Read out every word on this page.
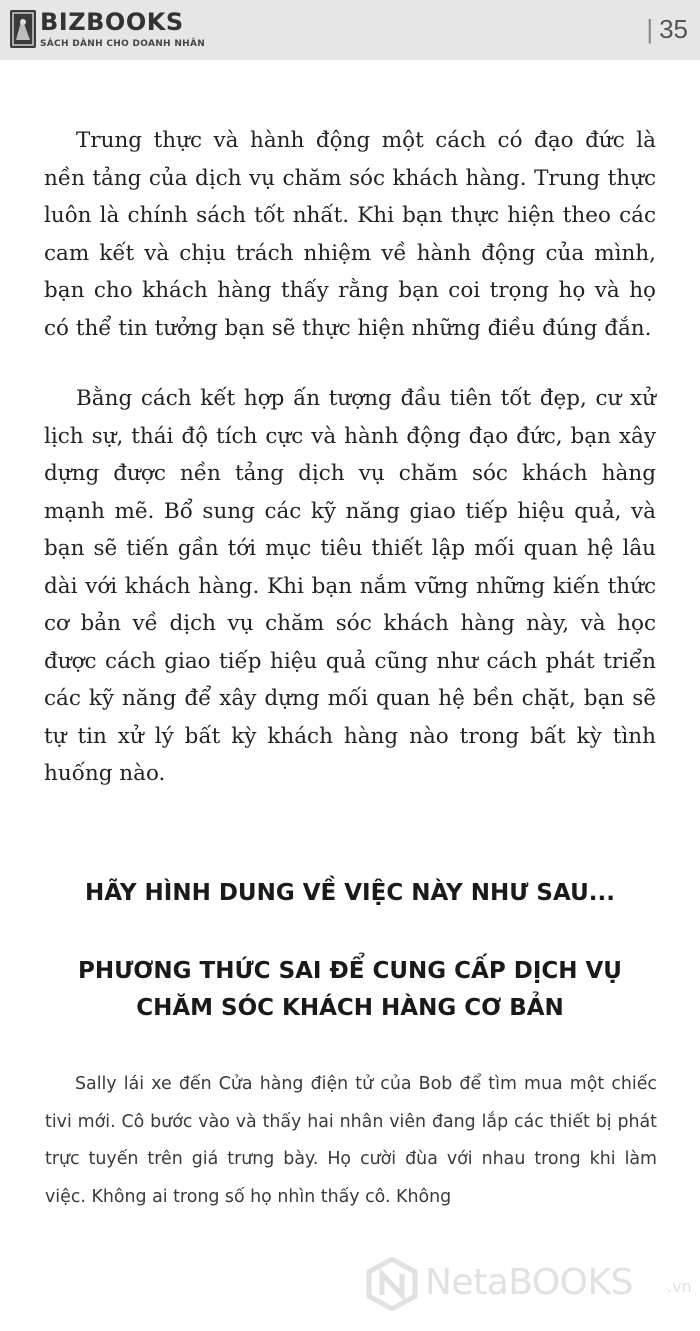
BIZBOOKS
SÁCH DÀNH CHO DOANH NHÂN	| 35

Trung thực và hành động một cách có đạo đức là nền tảng của dịch vụ chăm sóc khách hàng. Trung thực luôn là chính sách tốt nhất. Khi bạn thực hiện theo các cam kết và chịu trách nhiệm về hành động của mình, bạn cho khách hàng thấy rằng bạn coi trọng họ và họ có thể tin tưởng bạn sẽ thực hiện những điều đúng đắn.

Bằng cách kết hợp ấn tượng đầu tiên tốt đẹp, cư xử lịch sự, thái độ tích cực và hành động đạo đức, bạn xây dựng được nền tảng dịch vụ chăm sóc khách hàng mạnh mẽ. Bổ sung các kỹ năng giao tiếp hiệu quả, và bạn sẽ tiến gần tới mục tiêu thiết lập mối quan hệ lâu dài với khách hàng. Khi bạn nắm vững những kiến thức cơ bản về dịch vụ chăm sóc khách hàng này, và học được cách giao tiếp hiệu quả cũng như cách phát triển các kỹ năng để xây dựng mối quan hệ bền chặt, bạn sẽ tự tin xử lý bất kỳ khách hàng nào trong bất kỳ tình huống nào.

HÃY HÌNH DUNG VỀ VIỆC NÀY NHƯ SAU...
PHƯƠNG THỨC SAI ĐỂ CUNG CẤP DỊCH VỤ CHĂM SÓC KHÁCH HÀNG CƠ BẢN

Sally lái xe đến Cửa hàng điện tử của Bob để tìm mua một chiếc tivi mới. Cô bước vào và thấy hai nhân viên đang lắp các thiết bị phát trực tuyến trên giá trưng bày. Họ cười đùa với nhau trong khi làm việc. Không ai trong số họ nhìn thấy cô. Không

NetaBOOKS .vn
